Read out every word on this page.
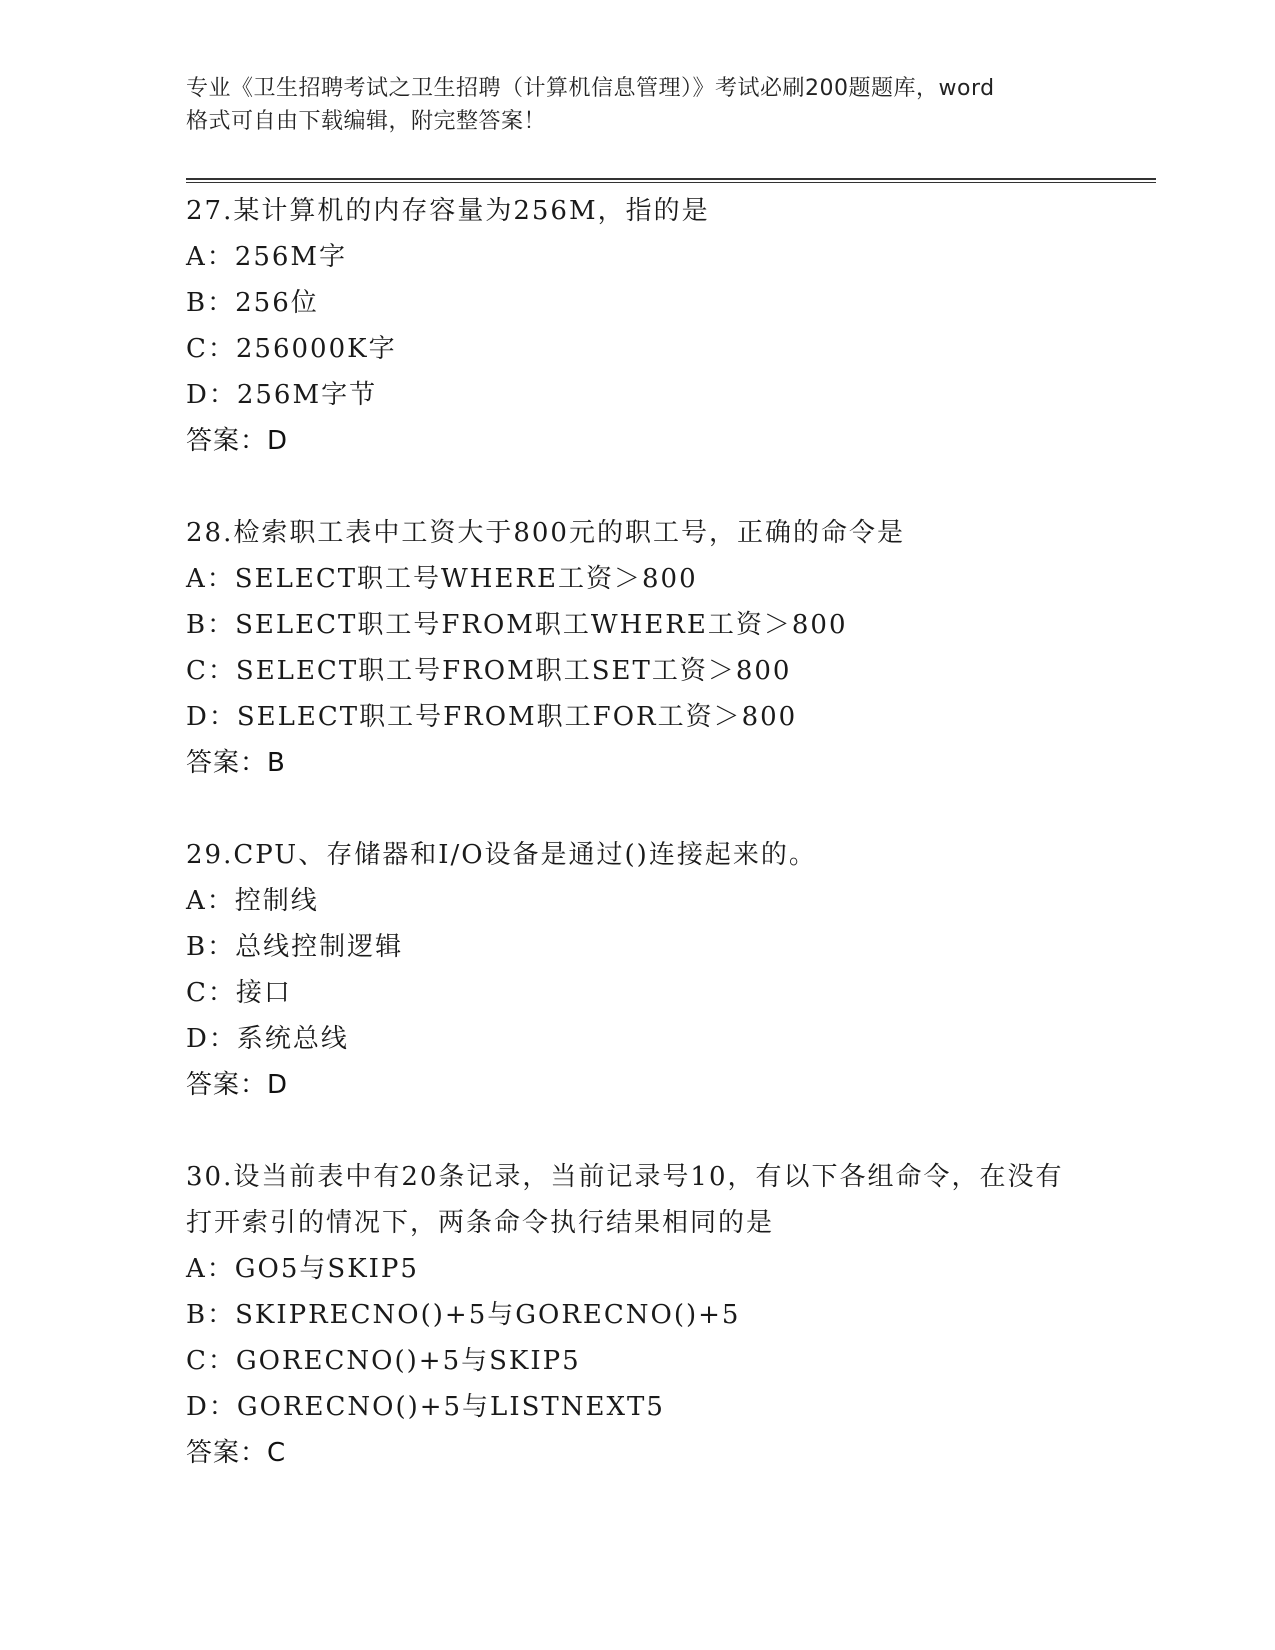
专业《卫生招聘考试之卫生招聘（计算机信息管理）》考试必刷200题题库，word
格式可自由下载编辑，附完整答案！
27.某计算机的内存容量为256M，指的是
A：256M字
B：256位
C：256000K字
D：256M字节
答案：D
28.检索职工表中工资大于800元的职工号，正确的命令是
A：SELECT职工号WHERE工资＞800
B：SELECT职工号FROM职工WHERE工资＞800
C：SELECT职工号FROM职工SET工资＞800
D：SELECT职工号FROM职工FOR工资＞800
答案：B
29.CPU、存储器和I/O设备是通过()连接起来的。
A：控制线
B：总线控制逻辑
C：接口
D：系统总线
答案：D
30.设当前表中有20条记录，当前记录号10，有以下各组命令，在没有打开索引的情况下，两条命令执行结果相同的是
A：GO5与SKIP5
B：SKIPRECNO()+5与GORECNO()+5
C：GORECNO()+5与SKIP5
D：GORECNO()+5与LISTNEXT5
答案：C
